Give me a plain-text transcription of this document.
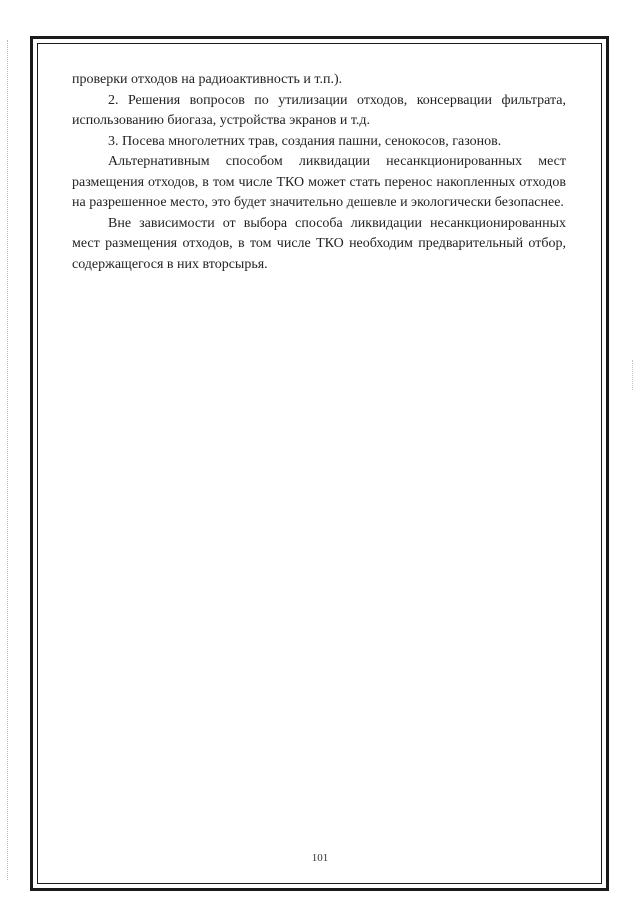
проверки отходов на радиоактивность и т.п.).

2. Решения вопросов по утилизации отходов, консервации фильтрата, использованию биогаза, устройства экранов и т.д.

3. Посева многолетних трав, создания пашни, сенокосов, газонов.

Альтернативным способом ликвидации несанкционированных мест размещения отходов, в том числе ТКО может стать перенос накопленных отходов на разрешенное место, это будет значительно дешевле и экологически безопаснее.

Вне зависимости от выбора способа ликвидации несанкционированных мест размещения отходов, в том числе ТКО необходим предварительный отбор, содержащегося в них вторсырья.

101
